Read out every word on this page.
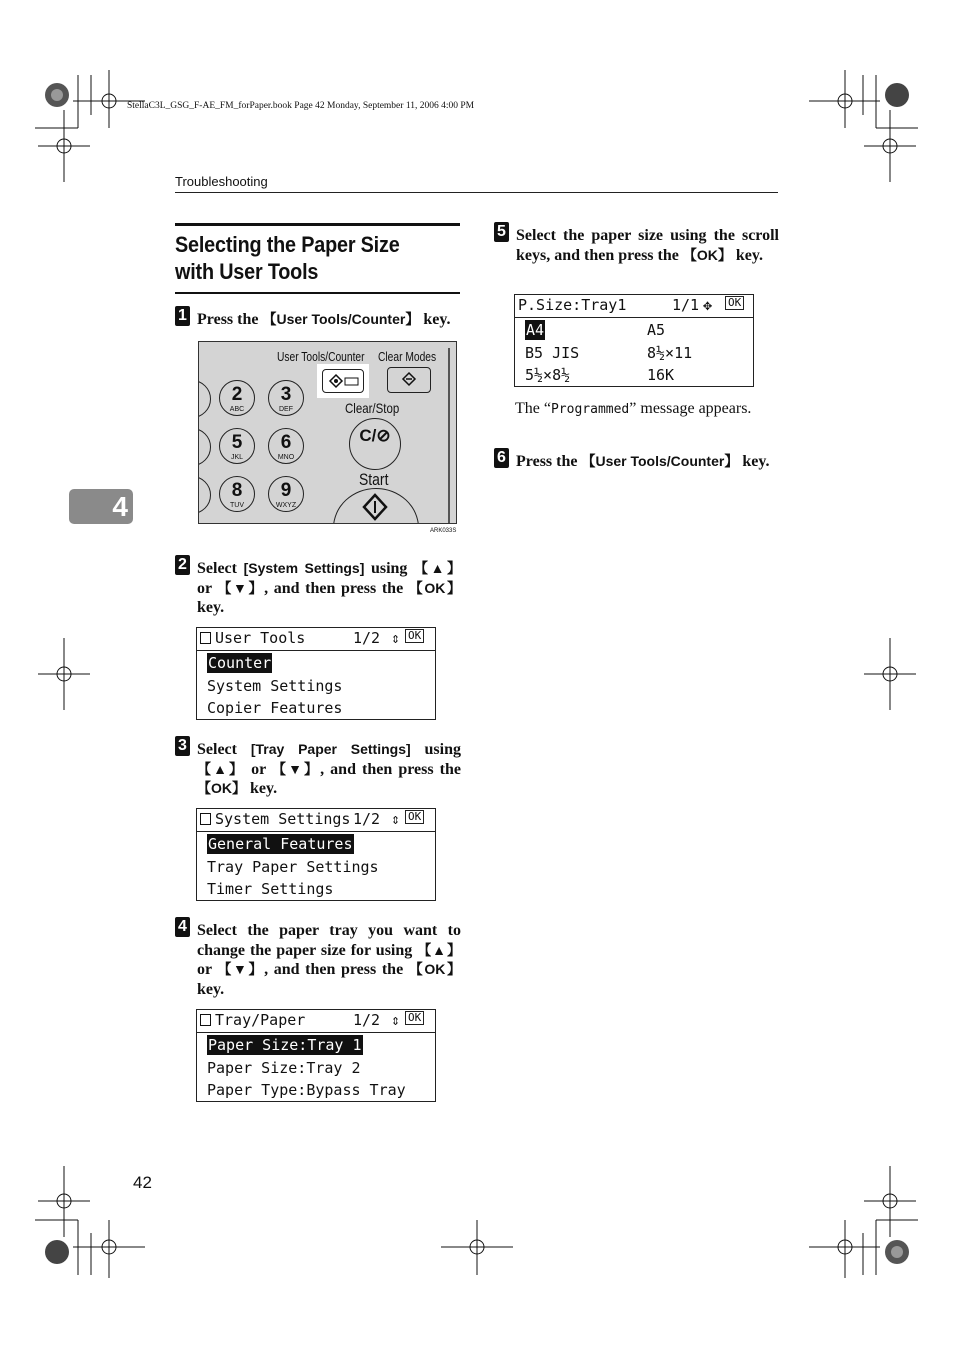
StellaC3L_GSG_F-AE_FM_forPaper.book Page 42 Monday, September 11, 2006 4:00 PM
Troubleshooting
Selecting the Paper Size with User Tools
1 Press the 【User Tools/Counter】 key.
2
ABC
3
DEF
5
JKL
6
MNO
8
TUV
9
WXYZ
User Tools/Counter Clear Modes
Clear/Stop
C/⊘
Start
ARK033S
4
2 Select [System Settings] using 【▲】 or 【▼】, and then press the 【OK】 key.
User Tools	1/2 ⇕ OK
Counter
System Settings
Copier Features
3 Select [Tray Paper Settings] using 【▲】 or 【▼】, and then press the 【OK】 key.
System Settings 1/2 ⇕ OK
General Features
Tray Paper Settings
Timer Settings
4 Select the paper tray you want to change the paper size for using 【▲】 or 【▼】, and then press the 【OK】 key.
Tray/Paper	1/2 ⇕ OK
Paper Size:Tray 1
Paper Size:Tray 2
Paper Type:Bypass Tray
5 Select the paper size using the scroll keys, and then press the 【OK】 key.
P.Size:Tray1	1/1 ✥ OK
A4	A5
B5 JIS	8½×11
5½×8½	16K
The “Programmed” message appears.
6 Press the 【User Tools/Counter】 key.
42
